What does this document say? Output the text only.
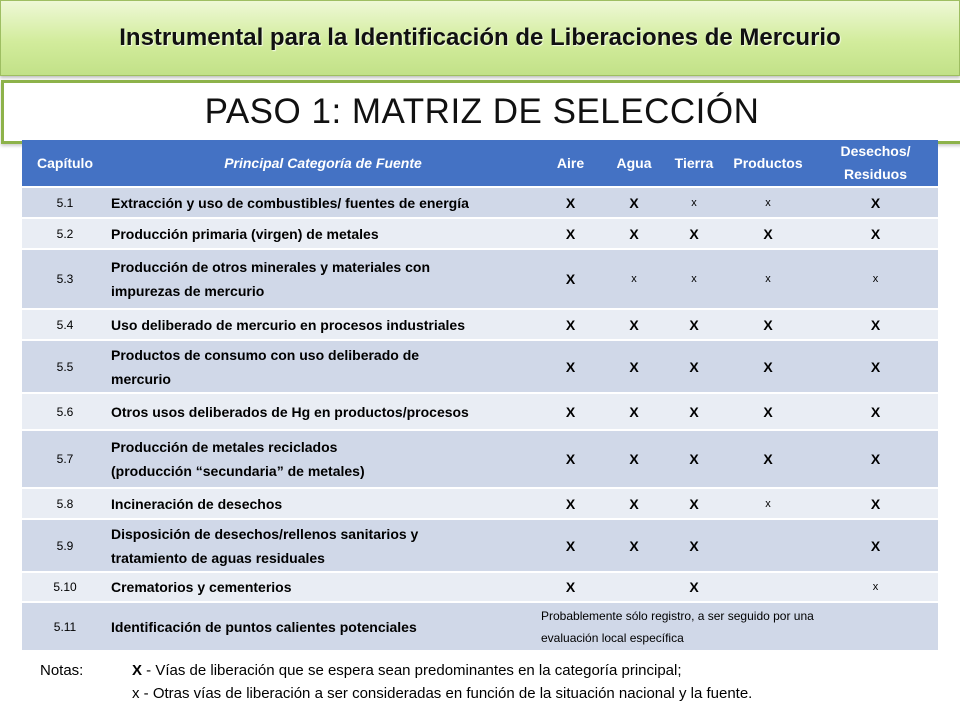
Instrumental para la Identificación de Liberaciones de Mercurio
PASO 1: MATRIZ DE SELECCIÓN
Capítulo	Principal Categoría de Fuente	Aire	Agua	Tierra	Productos	Desechos/
Residuos
5.1	Extracción y uso de combustibles/ fuentes de energía	X	X	x	x	X
5.2	Producción primaria (virgen) de metales	X	X	X	X	X
5.3	Producción de otros minerales y materiales con
impurezas de mercurio	X	x	x	x	x
5.4	Uso deliberado de mercurio en procesos industriales	X	X	X	X	X
5.5	Productos de consumo con uso deliberado de
mercurio	X	X	X	X	X
5.6	Otros usos deliberados de Hg en productos/procesos	X	X	X	X	X
5.7	Producción de metales reciclados
(producción “secundaria” de metales)	X	X	X	X	X
5.8	Incineración de desechos	X	X	X	x	X
5.9	Disposición de desechos/rellenos sanitarios y
tratamiento de aguas residuales	X	X	X		X
5.10	Crematorios y cementerios	X		X		x
5.11	Identificación de puntos calientes potenciales	Probablemente sólo registro, a ser seguido por una
evaluación local específica				
Notas:	X - Vías de liberación que se espera sean predominantes en la categoría principal;
x - Otras vías de liberación a ser consideradas en función de la situación nacional y la fuente.
